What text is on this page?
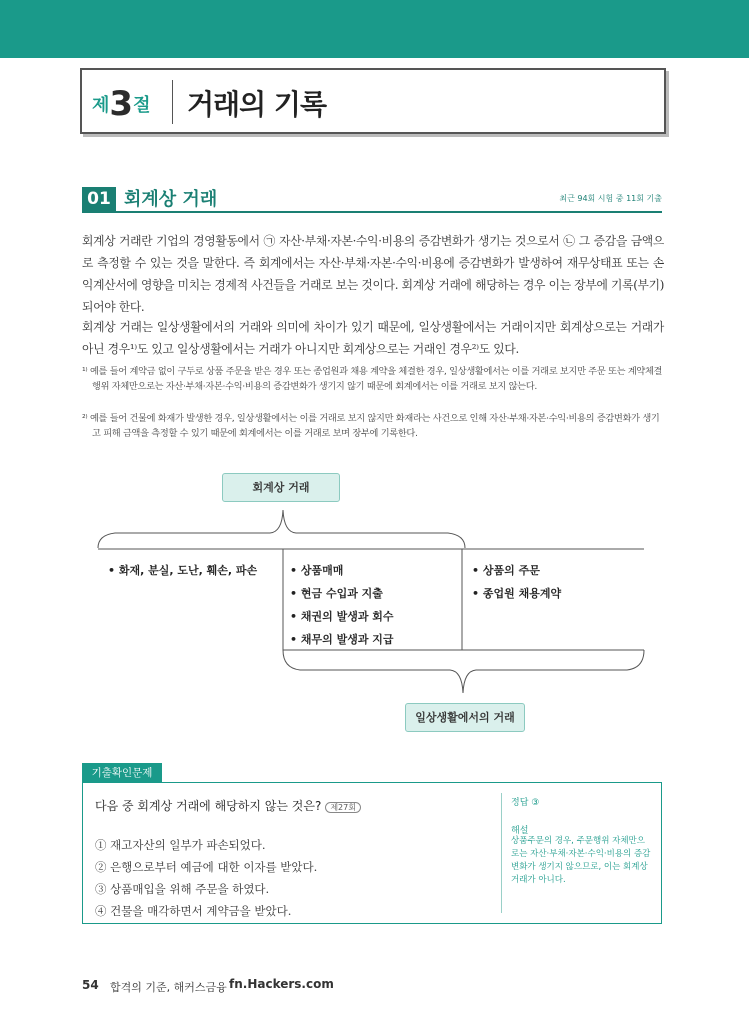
제3절 거래의 기록
01 회계상 거래	최근 94회 시험 중 11회 기출
회계상 거래란 기업의 경영활동에서 ㉠ 자산·부채·자본·수익·비용의 증감변화가 생기는 것으로서 ㉡ 그 증감을 금액으로 측정할 수 있는 것을 말한다. 즉 회계에서는 자산·부채·자본·수익·비용에 증감변화가 발생하여 재무상태표 또는 손익계산서에 영향을 미치는 경제적 사건들을 거래로 보는 것이다. 회계상 거래에 해당하는 경우 이는 장부에 기록(부기)되어야 한다.
회계상 거래는 일상생활에서의 거래와 의미에 차이가 있기 때문에, 일상생활에서는 거래이지만 회계상으로는 거래가 아닌 경우¹⁾도 있고 일상생활에서는 거래가 아니지만 회계상으로는 거래인 경우²⁾도 있다.
¹⁾ 예를 들어 계약금 없이 구두로 상품 주문을 받은 경우 또는 종업원과 채용 계약을 체결한 경우, 일상생활에서는 이를 거래로 보지만 주문 또는 계약체결 행위 자체만으로는 자산·부채·자본·수익·비용의 증감변화가 생기지 않기 때문에 회계에서는 이를 거래로 보지 않는다.
²⁾ 예를 들어 건물에 화재가 발생한 경우, 일상생활에서는 이를 거래로 보지 않지만 화재라는 사건으로 인해 자산·부채·자본·수익·비용의 증감변화가 생기고 피해 금액을 측정할 수 있기 때문에 회계에서는 이를 거래로 보며 장부에 기록한다.
회계상 거래
일상생활에서의 거래
• 화재, 분실, 도난, 훼손, 파손
•	상품매매
• 현금 수입과 지출
• 채권의 발생과 회수
• 채무의 발생과 지급
• 상품의 주문
• 종업원 채용계약
기출확인문제
다음 중 회계상 거래에 해당하지 않는 것은? 제27회
① 재고자산의 일부가 파손되었다.
② 은행으로부터 예금에 대한 이자를 받았다.
③ 상품매입을 위해 주문을 하였다.
④ 건물을 매각하면서 계약금을 받았다.
정답 ③
해설
상품주문의 경우, 주문행위 자체만으로는 자산·부채·자본·수익·비용의 증감변화가 생기지 않으므로, 이는 회계상 거래가 아니다.
54 합격의 기준, 해커스금융 fn.Hackers.com
